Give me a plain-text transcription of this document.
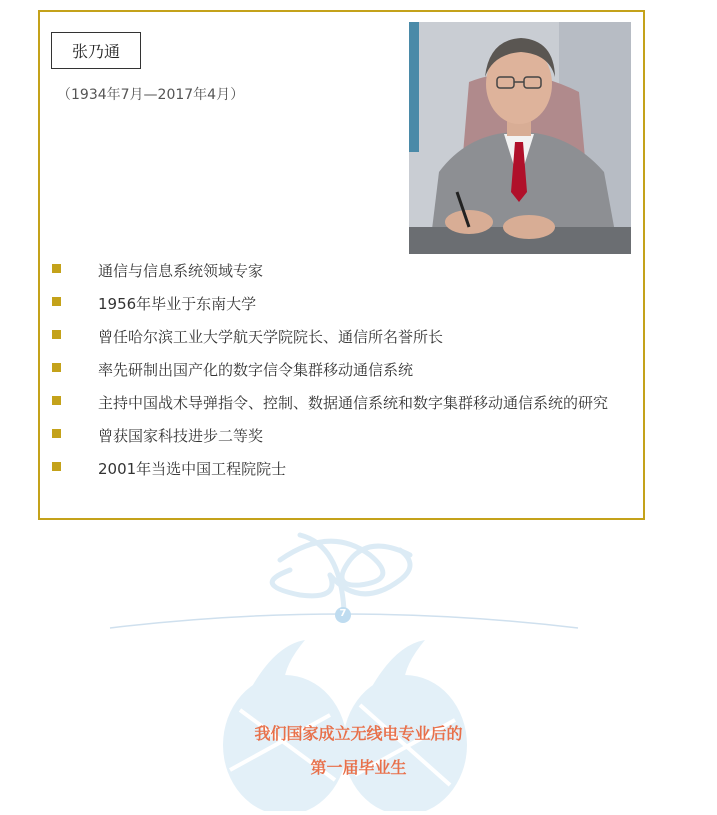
张乃通
（1934年7月—2017年4月）
通信与信息系统领域专家
1956年毕业于东南大学
曾任哈尔滨工业大学航天学院院长、通信所名誉所长
率先研制出国产化的数字信令集群移动通信系统
主持中国战术导弹指令、控制、数据通信系统和数字集群移动通信系统的研究
曾获国家科技进步二等奖
2001年当选中国工程院院士
7
我们国家成立无线电专业后的
第一届毕业生
